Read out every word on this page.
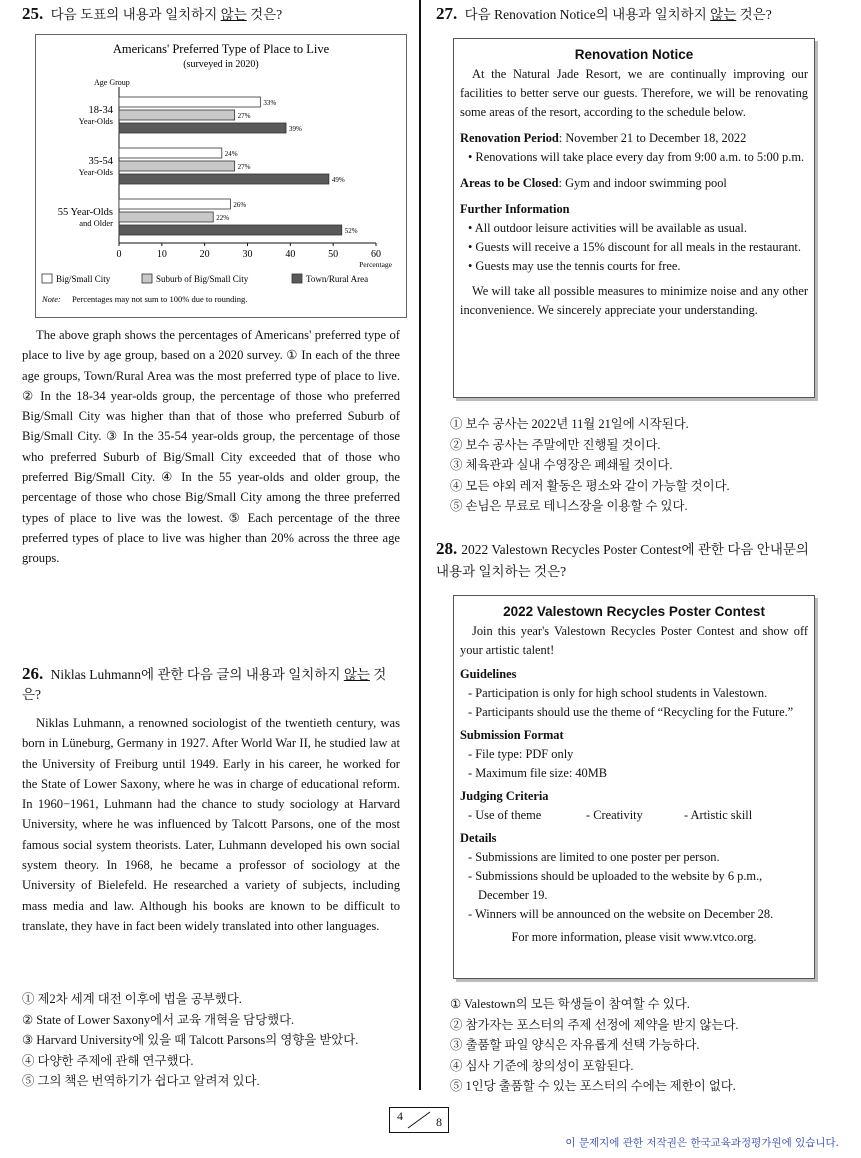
25. 다음 도표의 내용과 일치하지 않는 것은?
Americans' Preferred Type of Place to Live
(surveyed in 2020)
Age Group
0	10	20	30	40	50	60
Percentage
33%
27%
39%
18-34
Year-Olds
24%
27%
49%
35-54
Year-Olds
26%
22%
52%
55 Year-Olds
and Older
Big/Small City	Suburb of Big/Small City	Town/Rural Area
Note: Percentages may not sum to 100% due to rounding.

The above graph shows the percentages of Americans' preferred type of place to live by age group, based on a 2020 survey. ① In each of the three age groups, Town/Rural Area was the most preferred type of place to live. ② In the 18-34 year-olds group, the percentage of those who preferred Big/Small City was higher than that of those who preferred Suburb of Big/Small City. ③ In the 35-54 year-olds group, the percentage of those who preferred Suburb of Big/Small City exceeded that of those who preferred Big/Small City. ④ In the 55 year-olds and older group, the percentage of those who chose Big/Small City among the three preferred types of place to live was the lowest. ⑤ Each percentage of the three preferred types of place to live was higher than 20% across the three age groups.

26. Niklas Luhmann에 관한 다음 글의 내용과 일치하지 않는 것은?

Niklas Luhmann, a renowned sociologist of the twentieth century, was born in Lüneburg, Germany in 1927. After World War II, he studied law at the University of Freiburg until 1949. Early in his career, he worked for the State of Lower Saxony, where he was in charge of educational reform. In 1960−1961, Luhmann had the chance to study sociology at Harvard University, where he was influenced by Talcott Parsons, one of the most famous social system theorists. Later, Luhmann developed his own social system theory. In 1968, he became a professor of sociology at the University of Bielefeld. He researched a variety of subjects, including mass media and law. Although his books are known to be difficult to translate, they have in fact been widely translated into other languages.

① 제2차 세계 대전 이후에 법을 공부했다.
② State of Lower Saxony에서 교육 개혁을 담당했다.
③ Harvard University에 있을 때 Talcott Parsons의 영향을 받았다.
④ 다양한 주제에 관해 연구했다.
⑤ 그의 책은 번역하기가 쉽다고 알려져 있다.
27. 다음 Renovation Notice의 내용과 일치하지 않는 것은?
Renovation Notice
At the Natural Jade Resort, we are continually improving our facilities to better serve our guests. Therefore, we will be renovating some areas of the resort, according to the schedule below.
Renovation Period: November 21 to December 18, 2022
• Renovations will take place every day from 9:00 a.m. to 5:00 p.m.
Areas to be Closed: Gym and indoor swimming pool
Further Information
• All outdoor leisure activities will be available as usual.
• Guests will receive a 15% discount for all meals in the restaurant.
• Guests may use the tennis courts for free.
We will take all possible measures to minimize noise and any other inconvenience. We sincerely appreciate your understanding.
① 보수 공사는 2022년 11월 21일에 시작된다.
② 보수 공사는 주말에만 진행될 것이다.
③ 체육관과 실내 수영장은 폐쇄될 것이다.
④ 모든 야외 레저 활동은 평소와 같이 가능할 것이다.
⑤ 손님은 무료로 테니스장을 이용할 수 있다.
28. 2022 Valestown Recycles Poster Contest에 관한 다음 안내문의
내용과 일치하는 것은?
2022 Valestown Recycles Poster Contest
Join this year's Valestown Recycles Poster Contest and show off your artistic talent!
Guidelines
- Participation is only for high school students in Valestown.
- Participants should use the theme of “Recycling for the Future.”
Submission Format
- File type: PDF only
- Maximum file size: 40MB
Judging Criteria
- Use of theme	- Creativity	- Artistic skill
Details
- Submissions are limited to one poster per person.
- Submissions should be uploaded to the website by 6 p.m., December 19.
- Winners will be announced on the website on December 28.
For more information, please visit www.vtco.org.
① Valestown의 모든 학생들이 참여할 수 있다.
② 참가자는 포스터의 주제 선정에 제약을 받지 않는다.
③ 출품할 파일 양식은 자유롭게 선택 가능하다.
④ 심사 기준에 창의성이 포함된다.
⑤ 1인당 출품할 수 있는 포스터의 수에는 제한이 없다.
4	8
이 문제지에 관한 저작권은 한국교육과정평가원에 있습니다.
